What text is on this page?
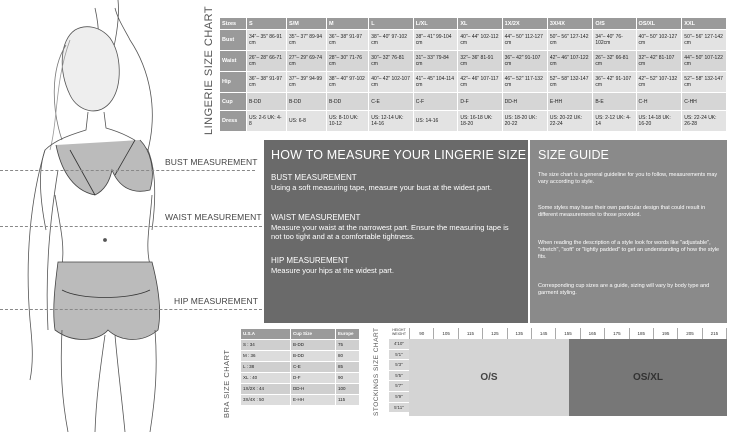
BUST MEASUREMENT
WAIST MEASUREMENT
HIP MEASUREMENT
LINGERIE SIZE CHART
BRA SIZE CHART	STOCKINGS SIZE CHART
Sizes	S	S/M	M	L	L/XL	XL	1X/2X	3X/4X	O/S	OS/XL	XXL
Bust	34"– 35" 86-91 cm	35"– 37" 89-94 cm	36"– 38" 91-97 cm	38"– 40" 97-102 cm	38"– 41" 99-104 cm	40"– 44" 102-112 cm	44"– 50" 112-127 cm	50"– 56" 127-142 cm	34"– 40" 76-102cm	40"– 50" 102-127 cm	50"– 56" 127-142 cm
Waist	26"– 28" 66-71 cm	27"– 29" 69-74 cm	28"– 30" 71-76 cm	30"– 32" 76-81 cm	31"– 33" 79-84 cm	32"– 36" 81-91 cm	36"– 42" 91-107 cm	42"– 46" 107-122 cm	26"– 32" 66-81 cm	32"– 42" 81-107 cm	44"– 50" 107-122 cm
Hip	36"– 38" 91-97 cm	37"– 39" 94-99 cm	38"– 40" 97-102 cm	40"– 42" 102-107 cm	41"– 45" 104-114 cm	42"– 46" 107-117 cm	46"– 52" 117-132 cm	52"– 58" 132-147 cm	36"– 42" 91-107 cm	42"– 52" 107-132 cm	52"– 58" 132-147 cm
Cup	B-DD	B-DD	B-DD	C-E	C-F	D-F	DD-H	E-HH	B-E	C-H	C-HH
Dress	US: 2-6 UK: 4-8	US: 6-8	US: 8-10 UK: 10-12	US: 12-14 UK: 14-16	US: 14-16	US: 16-18 UK: 18-20	US: 18-20 UK: 20-22	US: 20-22 UK: 22-24	US: 2-12 UK: 4-14	US: 14-18 UK: 16-20	US: 22-24 UK: 26-28
HOW TO MEASURE YOUR LINGERIE SIZE
BUST MEASUREMENT
Using a soft measuring tape, measure your bust at the widest part.
WAIST MEASUREMENT
Measure your waist at the narrowest part. Ensure the measuring tape is not too tight and at a comfortable tightness.
HIP MEASUREMENT
Measure your hips at the widest part.
SIZE GUIDE
The size chart is a general guideline for you to follow, measurements may vary according to style.
Some styles may have their own particular design that could result in different measurements to those provided.
When reading the description of a style look for words like "adjustable", "stretch", "soft" or "lightly padded" to get an understanding of how the style fits.
Corresponding cup sizes are a guide, sizing will vary by body type and garment styling.
U.S.A	Cup Size	Europe
S : 34	B-DD	75
M : 36	B-DD	80
L : 38	C-E	85
XL : 40	D-F	90
1X/2X : 44	DD-H	100
3X/4X : 50	E-HH	115
HEIGHT WEIGHT	90	105	115	125	135	145	155	165	175	185	195	205	215
4'10"
5'1"
5'3"
5'5"
5'7"
5'9"
5'11"
O/S	OS/XL
